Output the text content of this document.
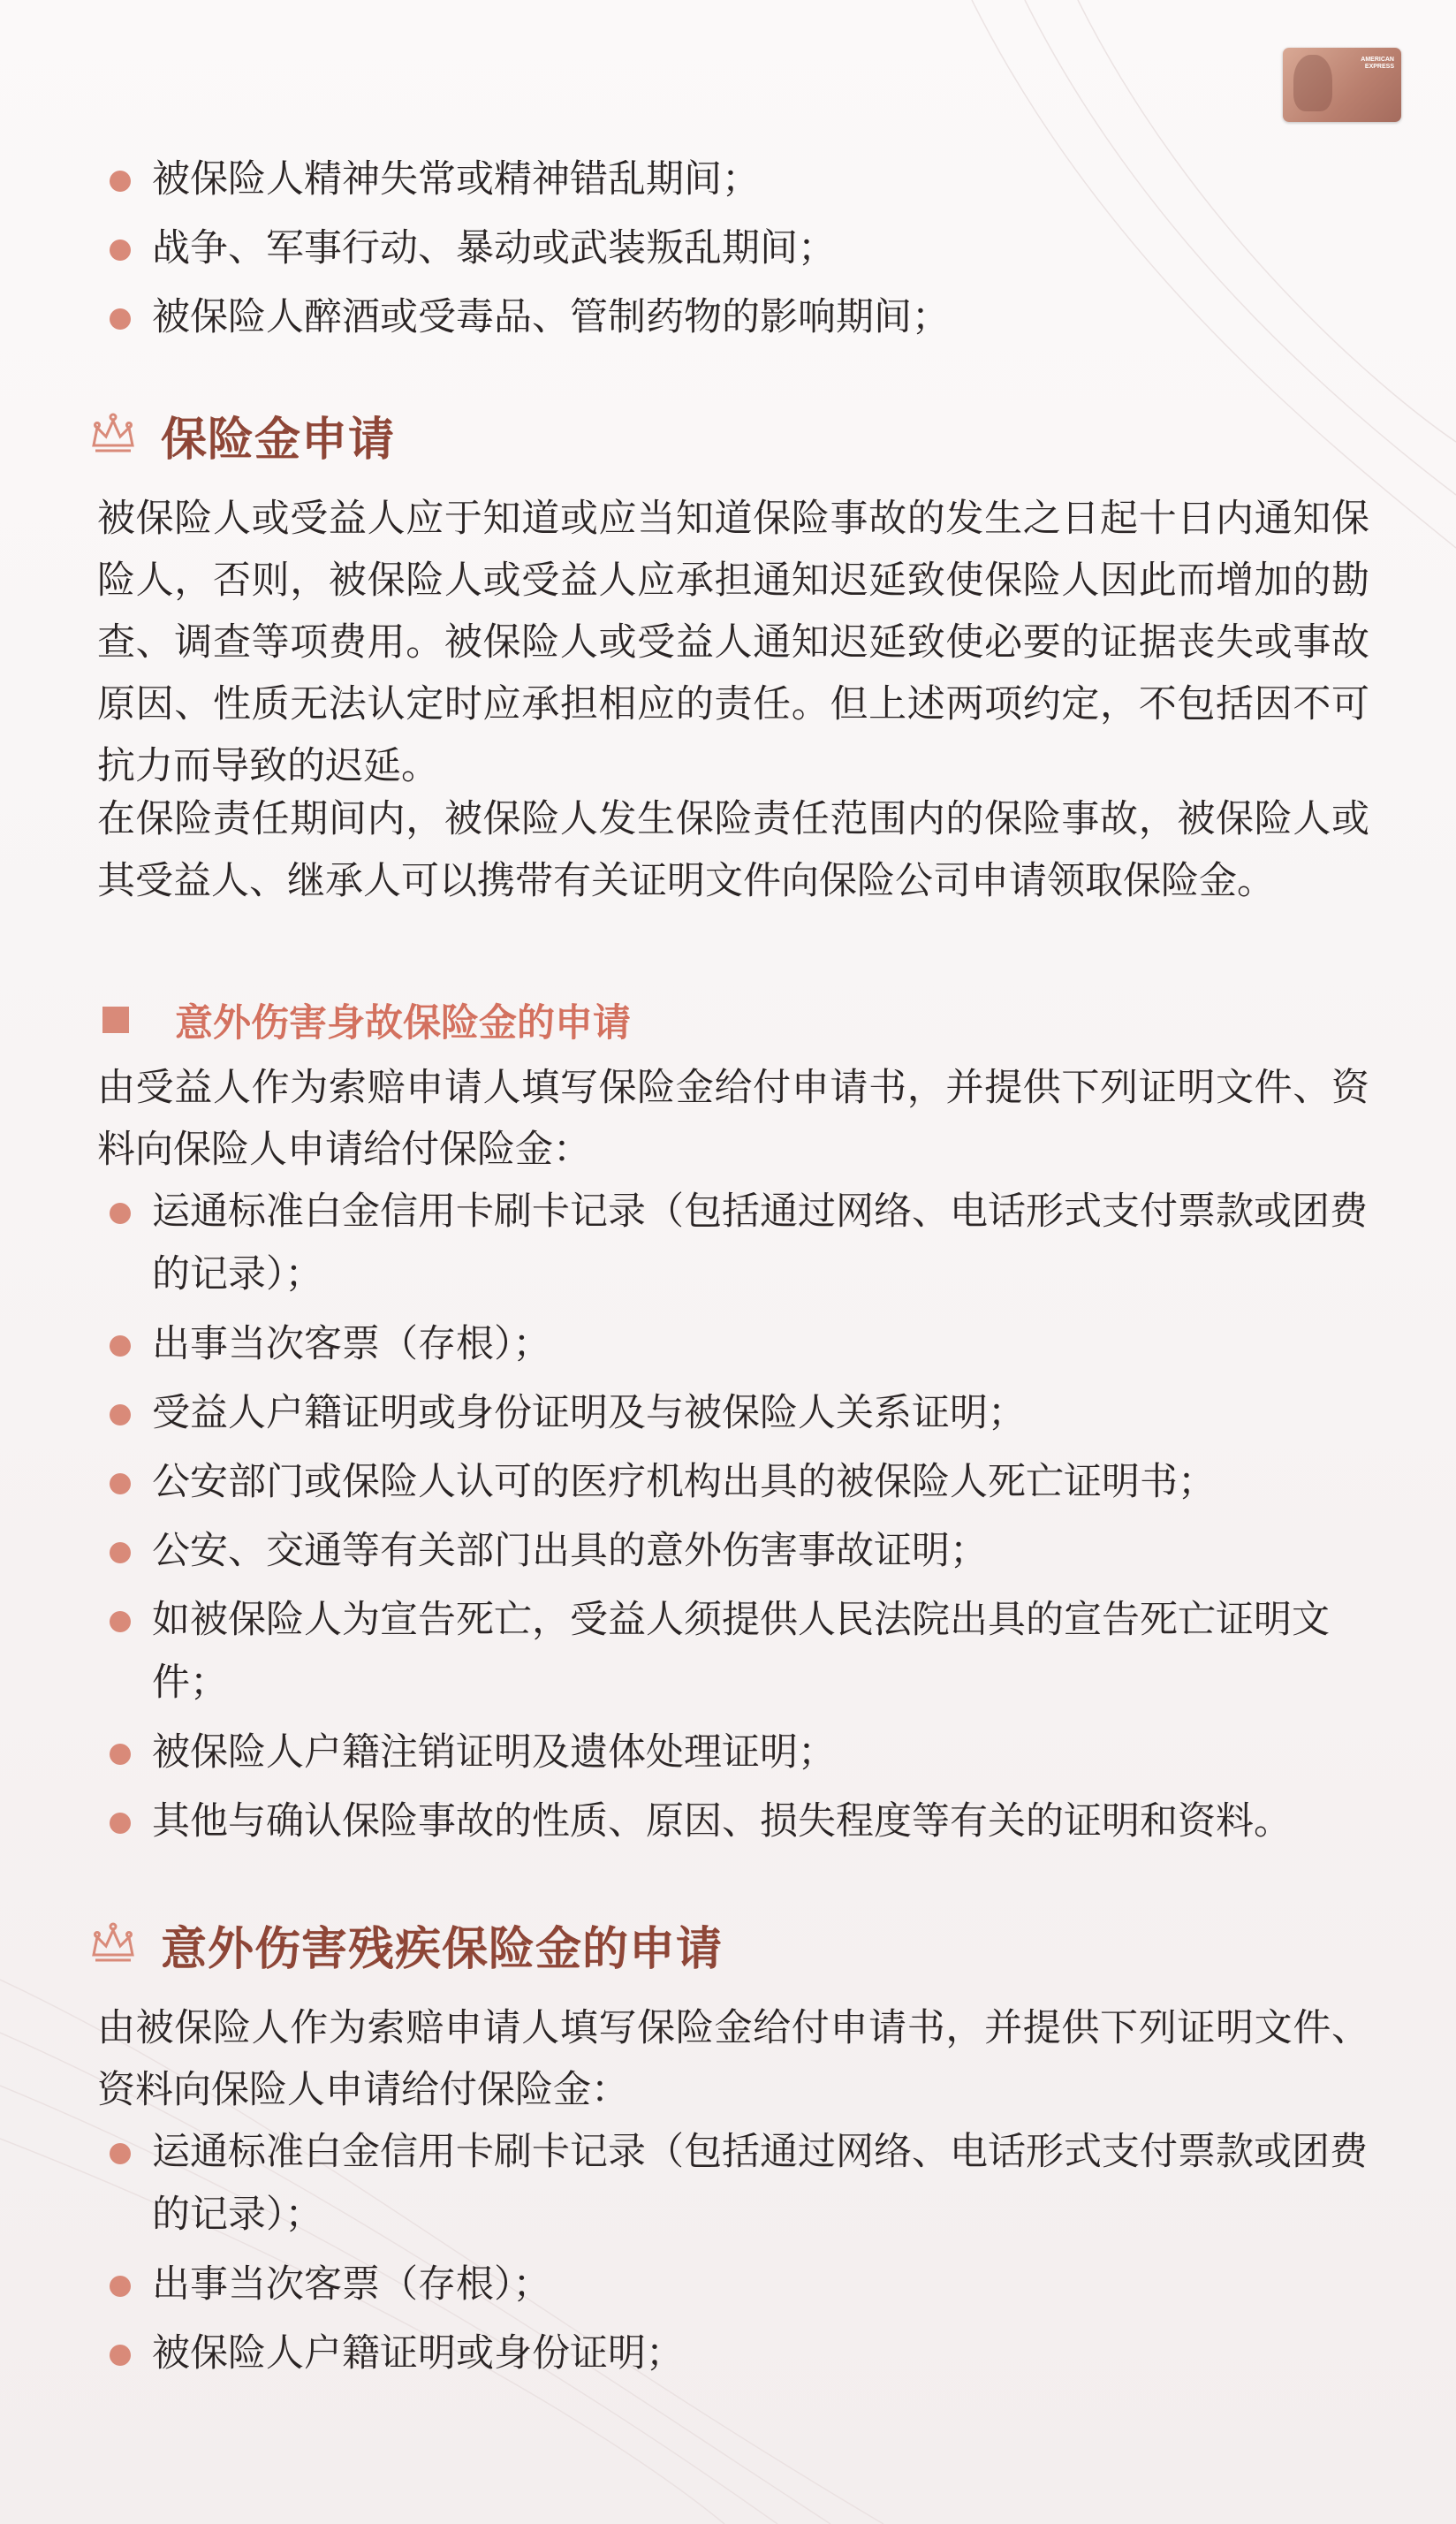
AMERICAN EXPRESS
被保险人精神失常或精神错乱期间；
战争、军事行动、暴动或武装叛乱期间；
被保险人醉酒或受毒品、管制药物的影响期间；
保险金申请
被保险人或受益人应于知道或应当知道保险事故的发生之日起十日内通知保险人，否则，被保险人或受益人应承担通知迟延致使保险人因此而增加的勘查、调查等项费用。被保险人或受益人通知迟延致使必要的证据丧失或事故原因、性质无法认定时应承担相应的责任。但上述两项约定，不包括因不可抗力而导致的迟延。
在保险责任期间内，被保险人发生保险责任范围内的保险事故，被保险人或其受益人、继承人可以携带有关证明文件向保险公司申请领取保险金。
意外伤害身故保险金的申请
由受益人作为索赔申请人填写保险金给付申请书，并提供下列证明文件、资料向保险人申请给付保险金：
运通标准白金信用卡刷卡记录（包括通过网络、电话形式支付票款或团费的记录）；
出事当次客票（存根）；
受益人户籍证明或身份证明及与被保险人关系证明；
公安部门或保险人认可的医疗机构出具的被保险人死亡证明书；
公安、交通等有关部门出具的意外伤害事故证明；
如被保险人为宣告死亡，受益人须提供人民法院出具的宣告死亡证明文件；
被保险人户籍注销证明及遗体处理证明；
其他与确认保险事故的性质、原因、损失程度等有关的证明和资料。
意外伤害残疾保险金的申请
由被保险人作为索赔申请人填写保险金给付申请书，并提供下列证明文件、资料向保险人申请给付保险金：
运通标准白金信用卡刷卡记录（包括通过网络、电话形式支付票款或团费的记录）；
出事当次客票（存根）；
被保险人户籍证明或身份证明；
